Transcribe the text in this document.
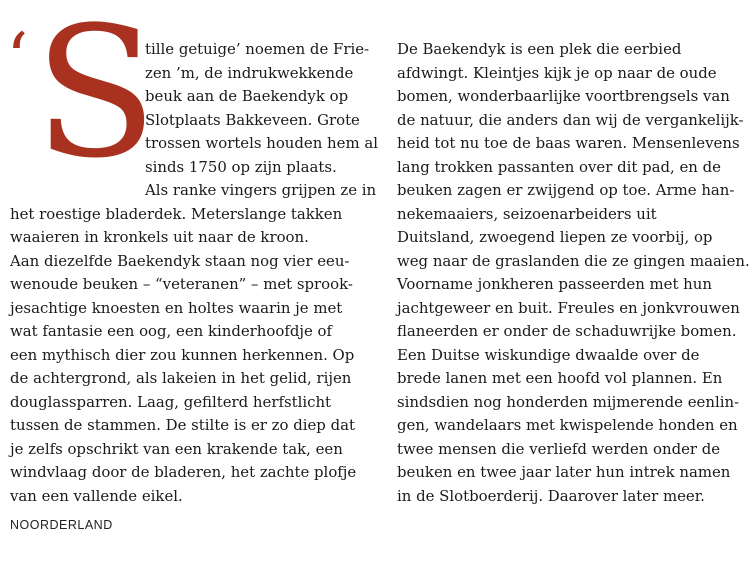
‘ S
tille getuige’ noemen de Frie-
zen ’m, de indrukwekkende
beuk aan de Baekendyk op
Slotplaats Bakkeveen. Grote
trossen wortels houden hem al
sinds 1750 op zijn plaats.
Als ranke vingers grijpen ze in
het roestige bladerdek. Meterslange takken
waaieren in kronkels uit naar de kroon.
Aan diezelfde Baekendyk staan nog vier eeu-
wenoude beuken – “veteranen” – met sprook-
jesachtige knoesten en holtes waarin je met
wat fantasie een oog, een kinderhoofdje of
een mythisch dier zou kunnen herkennen. Op
de achtergrond, als lakeien in het gelid, rijen
douglassparren. Laag, gefilterd herfstlicht
tussen de stammen. De stilte is er zo diep dat
je zelfs opschrikt van een krakende tak, een
windvlaag door de bladeren, het zachte plofje
van een vallende eikel.
De Baekendyk is een plek die eerbied
afdwingt. Kleintjes kijk je op naar de oude
bomen, wonderbaarlijke voortbrengsels van
de natuur, die anders dan wij de vergankelijk-
heid tot nu toe de baas waren. Mensenlevens
lang trokken passanten over dit pad, en de
beuken zagen er zwijgend op toe. Arme han-
nekemaaiers, seizoenarbeiders uit
Duitsland, zwoegend liepen ze voorbij, op
weg naar de graslanden die ze gingen maaien.
Voorname jonkheren passeerden met hun
jachtgeweer en buit. Freules en jonkvrouwen
flaneerden er onder de schaduwrijke bomen.
Een Duitse wiskundige dwaalde over de
brede lanen met een hoofd vol plannen. En
sindsdien nog honderden mijmerende eenlin-
gen, wandelaars met kwispelende honden en
twee mensen die verliefd werden onder de
beuken en twee jaar later hun intrek namen
in de Slotboerderij. Daarover later meer.
NOORDERLAND
